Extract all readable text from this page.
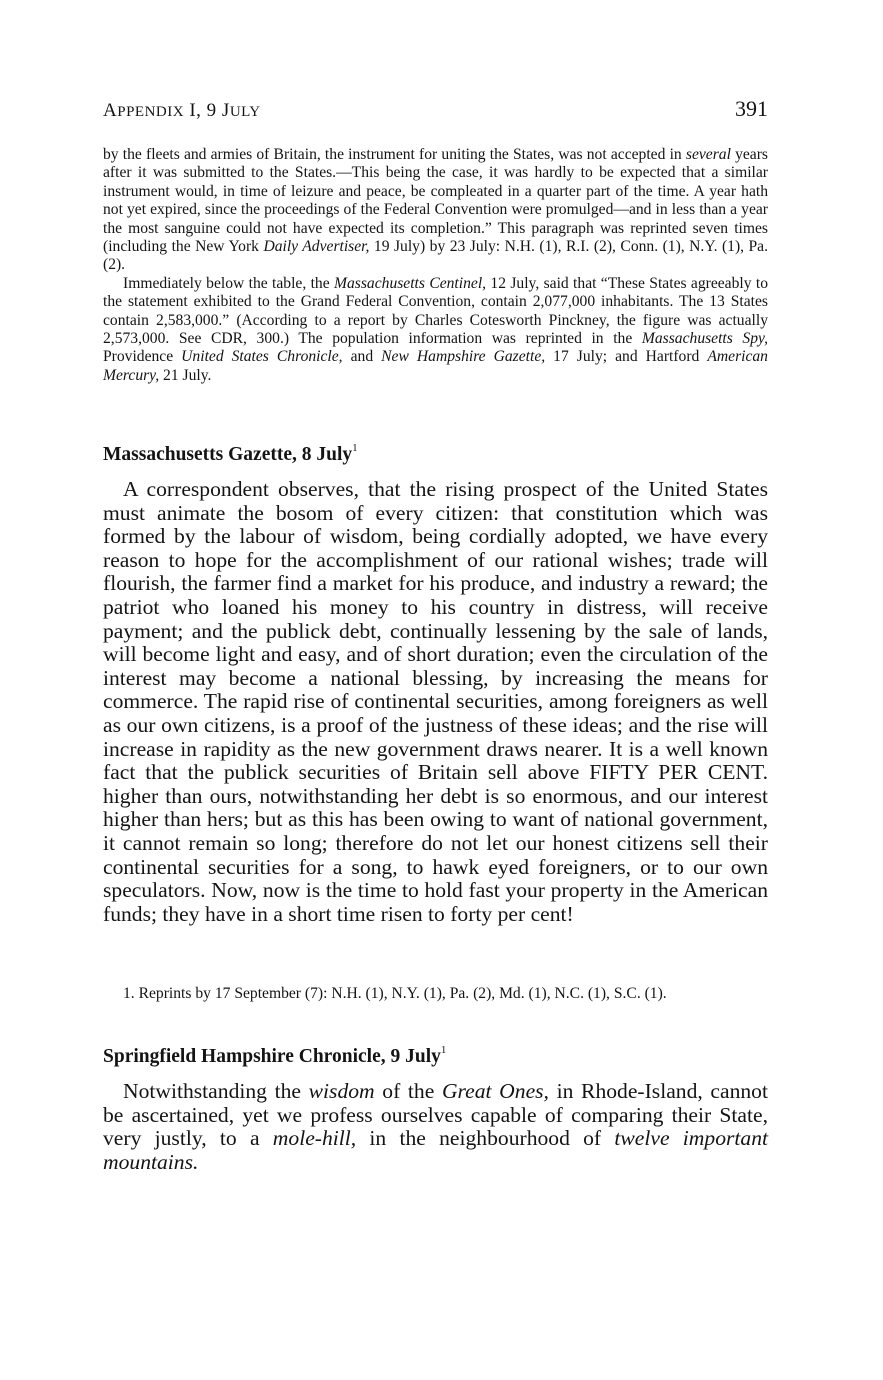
APPENDIX I, 9 JULY	391

by the fleets and armies of Britain, the instrument for uniting the States, was not accepted in several years after it was submitted to the States.—This being the case, it was hardly to be expected that a similar instrument would, in time of leizure and peace, be compleated in a quarter part of the time. A year hath not yet expired, since the proceedings of the Federal Convention were promulged—and in less than a year the most sanguine could not have expected its completion.” This paragraph was reprinted seven times (including the New York Daily Advertiser, 19 July) by 23 July: N.H. (1), R.I. (2), Conn. (1), N.Y. (1), Pa. (2).

Immediately below the table, the Massachusetts Centinel, 12 July, said that “These States agreeably to the statement exhibited to the Grand Federal Convention, contain 2,077,000 inhabitants. The 13 States contain 2,583,000.” (According to a report by Charles Cotesworth Pinckney, the figure was actually 2,573,000. See CDR, 300.) The population information was reprinted in the Massachusetts Spy, Providence United States Chronicle, and New Hampshire Gazette, 17 July; and Hartford American Mercury, 21 July.

Massachusetts Gazette, 8 July$^1$

A correspondent observes, that the rising prospect of the United States must animate the bosom of every citizen: that constitution which was formed by the labour of wisdom, being cordially adopted, we have every reason to hope for the accomplishment of our rational wishes; trade will flourish, the farmer find a market for his produce, and industry a reward; the patriot who loaned his money to his country in distress, will receive payment; and the publick debt, continually lessening by the sale of lands, will become light and easy, and of short duration; even the circulation of the interest may become a national blessing, by increasing the means for commerce. The rapid rise of continental securities, among foreigners as well as our own citizens, is a proof of the justness of these ideas; and the rise will increase in rapidity as the new government draws nearer. It is a well known fact that the publick securities of Britain sell above FIFTY PER CENT. higher than ours, notwithstanding her debt is so enormous, and our interest higher than hers; but as this has been owing to want of national government, it cannot remain so long; therefore do not let our honest citizens sell their continental securities for a song, to hawk eyed foreigners, or to our own speculators. Now, now is the time to hold fast your property in the American funds; they have in a short time risen to forty per cent!

1. Reprints by 17 September (7): N.H. (1), N.Y. (1), Pa. (2), Md. (1), N.C. (1), S.C. (1).

Springfield Hampshire Chronicle, 9 July$^1$

Notwithstanding the wisdom of the Great Ones, in Rhode-Island, cannot be ascertained, yet we profess ourselves capable of comparing their State, very justly, to a mole-hill, in the neighbourhood of twelve important mountains.
